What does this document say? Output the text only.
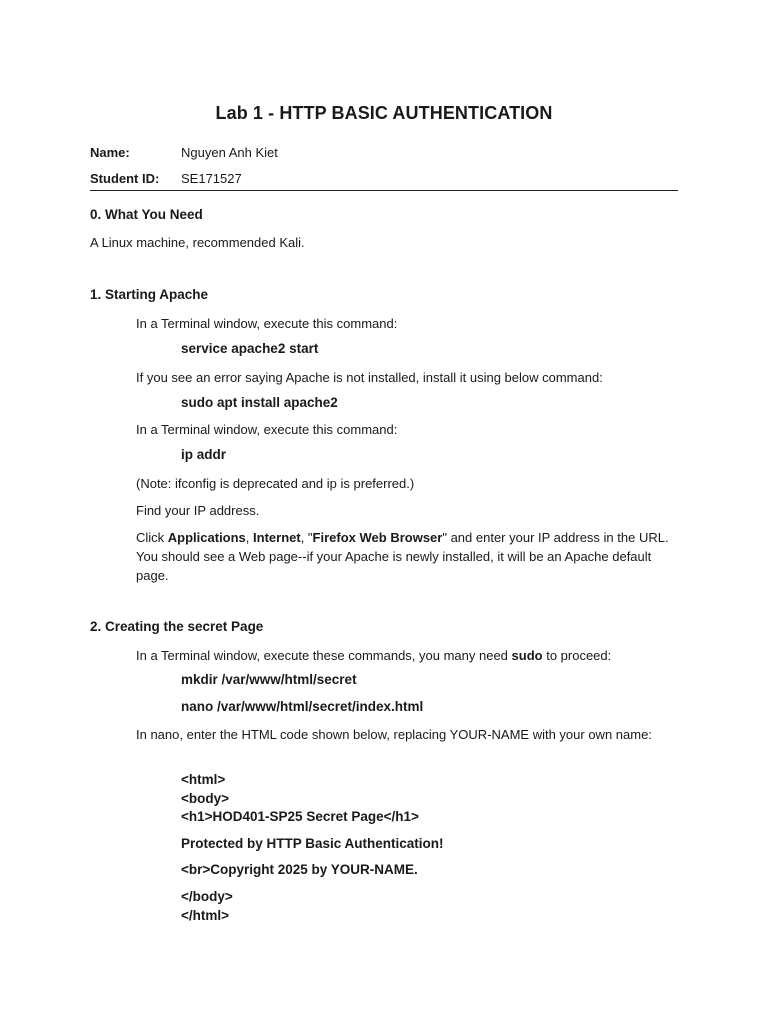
Lab 1 - HTTP BASIC AUTHENTICATION
Name:	Nguyen Anh Kiet
Student ID:	SE171527
0. What You Need
A Linux machine, recommended Kali.
1. Starting Apache
In a Terminal window, execute this command:
service apache2 start
If you see an error saying Apache is not installed, install it using below command:
sudo apt install apache2
In a Terminal window, execute this command:
ip addr
(Note: ifconfig is deprecated and ip is preferred.)
Find your IP address.
Click Applications, Internet, "Firefox Web Browser" and enter your IP address in the URL. You should see a Web page--if your Apache is newly installed, it will be an Apache default page.
2. Creating the secret Page
In a Terminal window, execute these commands, you many need sudo to proceed:
mkdir /var/www/html/secret
nano /var/www/html/secret/index.html
In nano, enter the HTML code shown below, replacing YOUR-NAME with your own name:
<html>
<body>
<h1>HOD401-SP25 Secret Page</h1>
Protected by HTTP Basic Authentication!
<br>Copyright 2025 by YOUR-NAME.
</body>
</html>
